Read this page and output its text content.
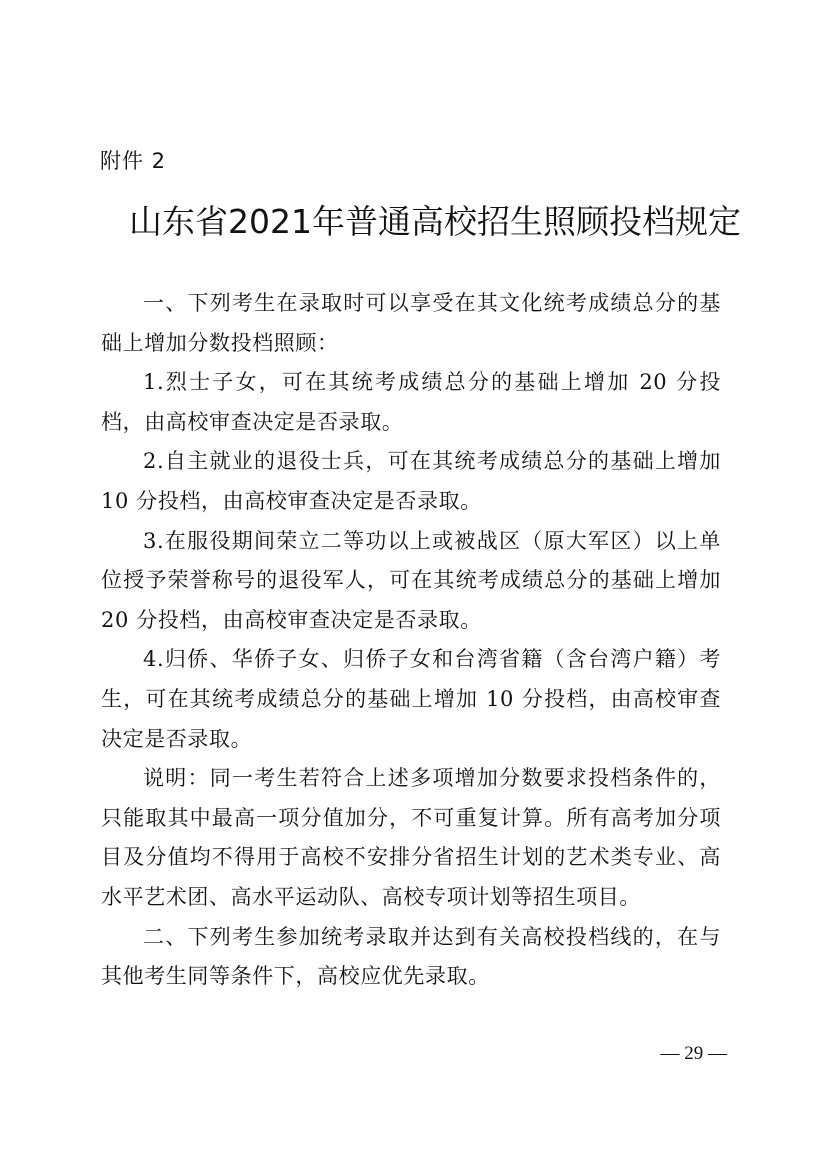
附件 2
山东省2021年普通高校招生照顾投档规定

一、下列考生在录取时可以享受在其文化统考成绩总分的基础上增加分数投档照顾：

1.烈士子女，可在其统考成绩总分的基础上增加 20 分投档，由高校审查决定是否录取。

2.自主就业的退役士兵，可在其统考成绩总分的基础上增加 10 分投档，由高校审查决定是否录取。

3.在服役期间荣立二等功以上或被战区（原大军区）以上单位授予荣誉称号的退役军人，可在其统考成绩总分的基础上增加 20 分投档，由高校审查决定是否录取。

4.归侨、华侨子女、归侨子女和台湾省籍（含台湾户籍）考生，可在其统考成绩总分的基础上增加 10 分投档，由高校审查决定是否录取。

说明：同一考生若符合上述多项增加分数要求投档条件的，只能取其中最高一项分值加分，不可重复计算。所有高考加分项目及分值均不得用于高校不安排分省招生计划的艺术类专业、高水平艺术团、高水平运动队、高校专项计划等招生项目。

二、下列考生参加统考录取并达到有关高校投档线的，在与其他考生同等条件下，高校应优先录取。

— 29 —
